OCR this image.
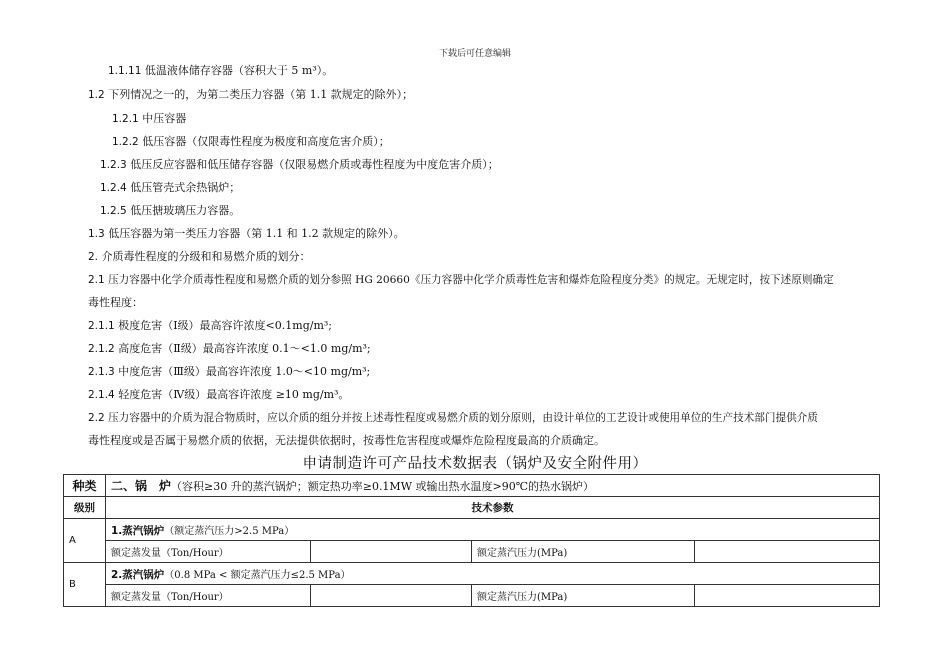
下载后可任意编辑
1.1.11 低温液体储存容器（容积大于 5 m³）。
1.2 下列情况之一的，为第二类压力容器（第 1.1 款规定的除外）；
1.2.1 中压容器
1.2.2 低压容器（仅限毒性程度为极度和高度危害介质）；
1.2.3 低压反应容器和低压储存容器（仅限易燃介质或毒性程度为中度危害介质）；
1.2.4 低压管壳式余热锅炉；
1.2.5 低压搪玻璃压力容器。
1.3 低压容器为第一类压力容器（第 1.1 和 1.2 款规定的除外）。
2. 介质毒性程度的分级和和易燃介质的划分：
2.1 压力容器中化学介质毒性程度和易燃介质的划分参照 HG 20660《压力容器中化学介质毒性危害和爆炸危险程度分类》的规定。无规定时，按下述原则确定
毒性程度：
2.1.1 极度危害（Ⅰ级）最高容许浓度<0.1mg/m³;
2.1.2 高度危害（Ⅱ级）最高容许浓度 0.1～<1.0 mg/m³;
2.1.3 中度危害（Ⅲ级）最高容许浓度 1.0～<10 mg/m³;
2.1.4 轻度危害（Ⅳ级）最高容许浓度 ≥10 mg/m³。
2.2 压力容器中的介质为混合物质时，应以介质的组分并按上述毒性程度或易燃介质的划分原则，由设计单位的工艺设计或使用单位的生产技术部门提供介质
毒性程度或是否属于易燃介质的依据，无法提供依据时，按毒性危害程度或爆炸危险程度最高的介质确定。
申请制造许可产品技术数据表（锅炉及安全附件用）
种类	二、锅　炉（容积≥30 升的蒸汽锅炉；额定热功率≥0.1MW 或输出热水温度>90℃的热水锅炉）			
级别	技术参数			
A	1.蒸汽锅炉（额定蒸汽压力>2.5 MPa）			
	额定蒸发量（Ton/Hour）		额定蒸汽压力(MPa)	
B	2.蒸汽锅炉（0.8 MPa < 额定蒸汽压力≤2.5 MPa）			
	额定蒸发量（Ton/Hour）		额定蒸汽压力(MPa)	
